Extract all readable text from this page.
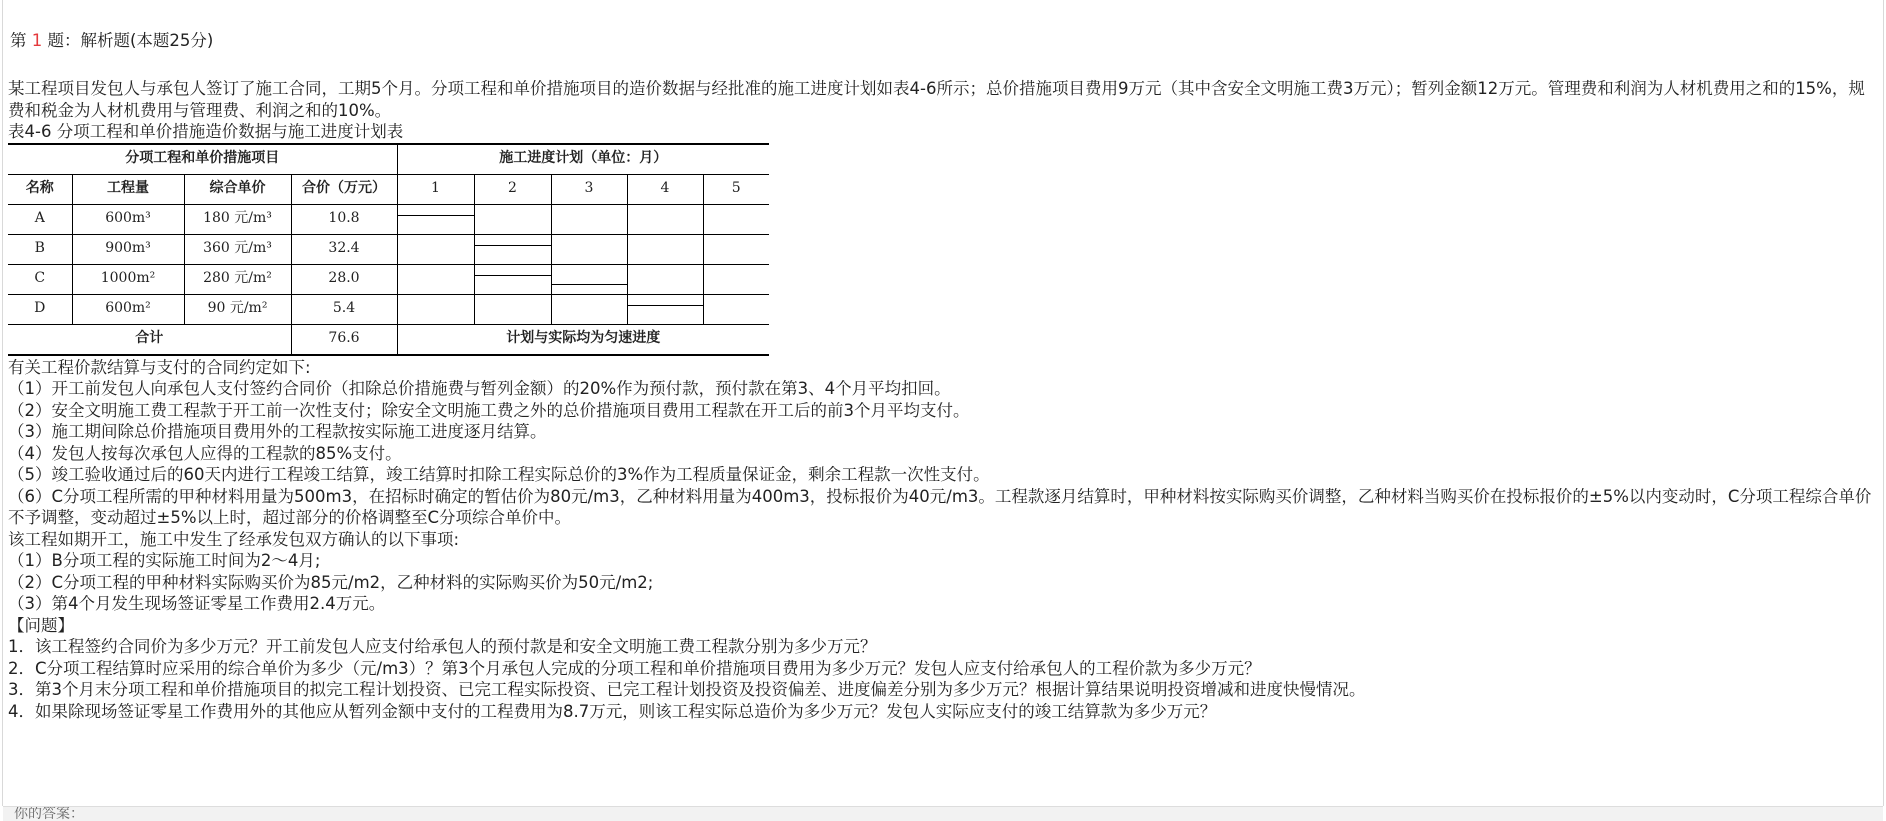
第 1 题：解析题(本题25分)

某工程项目发包人与承包人签订了施工合同，工期5个月。分项工程和单价措施项目的造价数据与经批准的施工进度计划如表4-6所示；总价措施项目费用9万元（其中含安全文明施工费3万元）；暂列金额12万元。管理费和利润为人材机费用之和的15%，规费和税金为人材机费用与管理费、利润之和的10%。

表4-6 分项工程和单价措施造价数据与施工进度计划表

分项工程和单价措施项目				施工进度计划（单位：月）				
名称	工程量	综合单价	合价（万元）	1	2	3	4	5
A	600m³	180 元/m³	10.8	

B	900m³	360 元/m³	32.4		

C	1000m²	280 元/m²	28.0		

D	600m²	90 元/m²	5.4				

合计			76.6	计划与实际均为匀速进度				

有关工程价款结算与支付的合同约定如下:

（1）开工前发包人向承包人支付签约合同价（扣除总价措施费与暂列金额）的20%作为预付款，预付款在第3、4个月平均扣回。

（2）安全文明施工费工程款于开工前一次性支付；除安全文明施工费之外的总价措施项目费用工程款在开工后的前3个月平均支付。

（3）施工期间除总价措施项目费用外的工程款按实际施工进度逐月结算。

（4）发包人按每次承包人应得的工程款的85%支付。

（5）竣工验收通过后的60天内进行工程竣工结算，竣工结算时扣除工程实际总价的3%作为工程质量保证金，剩余工程款一次性支付。

（6）C分项工程所需的甲种材料用量为500m3，在招标时确定的暂估价为80元/m3，乙种材料用量为400m3，投标报价为40元/m3。工程款逐月结算时，甲种材料按实际购买价调整，乙种材料当购买价在投标报价的±5%以内变动时，C分项工程综合单价不予调整，变动超过±5%以上时，超过部分的价格调整至C分项综合单价中。

该工程如期开工，施工中发生了经承发包双方确认的以下事项:

（1）B分项工程的实际施工时间为2～4月;

（2）C分项工程的甲种材料实际购买价为85元/m2，乙种材料的实际购买价为50元/m2;

（3）第4个月发生现场签证零星工作费用2.4万元。

【问题】

1．该工程签约合同价为多少万元？开工前发包人应支付给承包人的预付款是和安全文明施工费工程款分别为多少万元？

2．C分项工程结算时应采用的综合单价为多少（元/m3）？第3个月承包人完成的分项工程和单价措施项目费用为多少万元？发包人应支付给承包人的工程价款为多少万元？

3．第3个月末分项工程和单价措施项目的拟完工程计划投资、已完工程实际投资、已完工程计划投资及投资偏差、进度偏差分别为多少万元？根据计算结果说明投资增减和进度快慢情况。

4．如果除现场签证零星工作费用外的其他应从暂列金额中支付的工程费用为8.7万元，则该工程实际总造价为多少万元？发包人实际应支付的竣工结算款为多少万元？

你的答案：
